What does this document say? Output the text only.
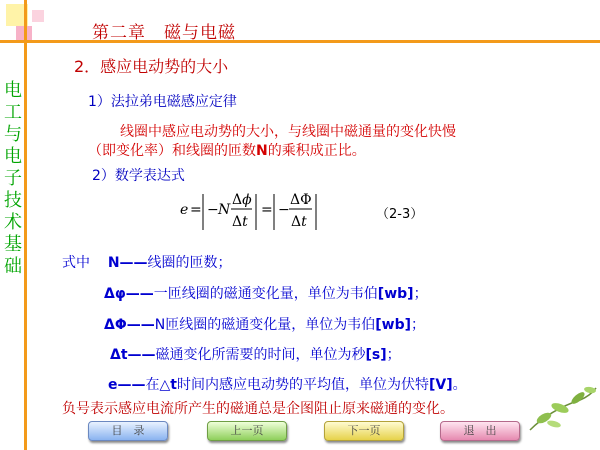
第二章　磁与电磁
电工与电子技术基础
2．感应电动势的大小
1）法拉弟电磁感应定律
线圈中感应电动势的大小，与线圈中磁通量的变化快慢
（即变化率）和线圈的匝数N的乘积成正比。
2）数学表达式
e = − N
Δϕ
Δt
= −
ΔΦ
Δt	（2-3）
式中 N——线圈的匝数；
Δφ——一匝线圈的磁通变化量，单位为韦伯[wb]；
ΔΦ——N匝线圈的磁通变化量，单位为韦伯[wb]；
Δt——磁通变化所需要的时间，单位为秒[s]；
e——在△t时间内感应电动势的平均值，单位为伏特[V]。
负号表示感应电流所产生的磁通总是企图阻止原来磁通的变化。
目　录	上一页	下一页	退　出
